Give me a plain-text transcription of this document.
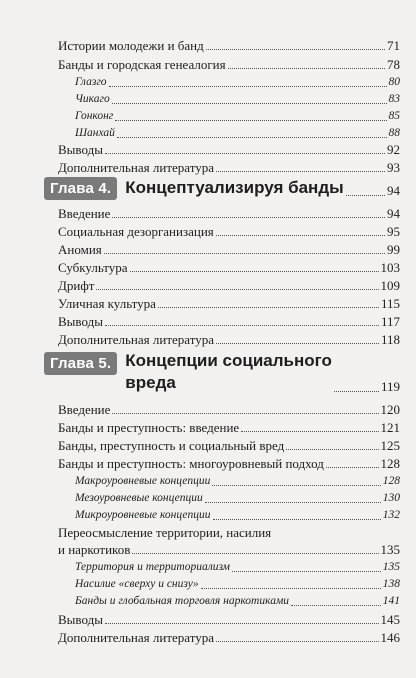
Истории молодежи и банд	71
Банды и городская генеалогия	78
Глазго	80
Чикаго	83
Гонконг	85
Шанхай	88
Выводы	92
Дополнительная литература	93
Глава 4. Концептуализируя банды	94
Введение	94
Социальная дезорганизация	95
Аномия	99
Субкультура	103
Дрифт	109
Уличная культура	115
Выводы	117
Дополнительная литература	118
Глава 5. Концепции социального
вреда	119
Введение	120
Банды и преступность: введение	121
Банды, преступность и социальный вред	125
Банды и преступность: многоуровневый подход	128
Макроуровневые концепции	128
Мезоуровневые концепции	130
Микроуровневые концепции	132
Переосмысление территории, насилия
и наркотиков	135
Территория и территориализм	135
Насилие «сверху и снизу»	138
Банды и глобальная торговля наркотиками	141
Выводы	145
Дополнительная литература	146
